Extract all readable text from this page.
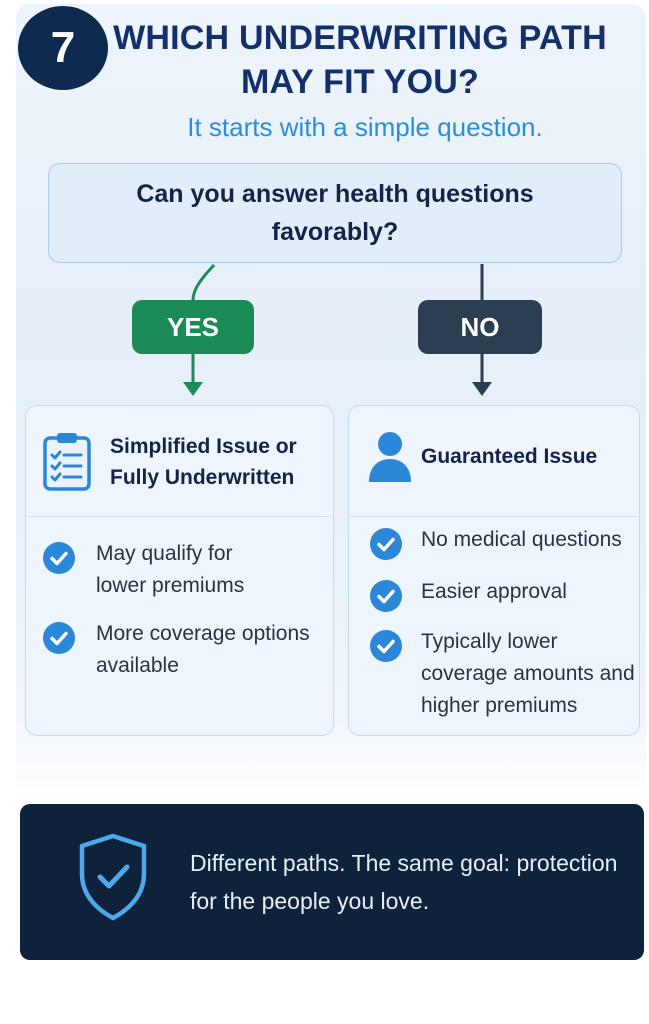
7	WHICH UNDERWRITING PATH MAY FIT YOU?
It starts with a simple question.
Can you answer health questions favorably?
YES	NO
Simplified Issue or Fully Underwritten
May qualify for lower premiums
More coverage options available
Guaranteed Issue
No medical questions
Easier approval
Typically lower coverage amounts and higher premiums
Different paths. The same goal: protection for the people you love.
